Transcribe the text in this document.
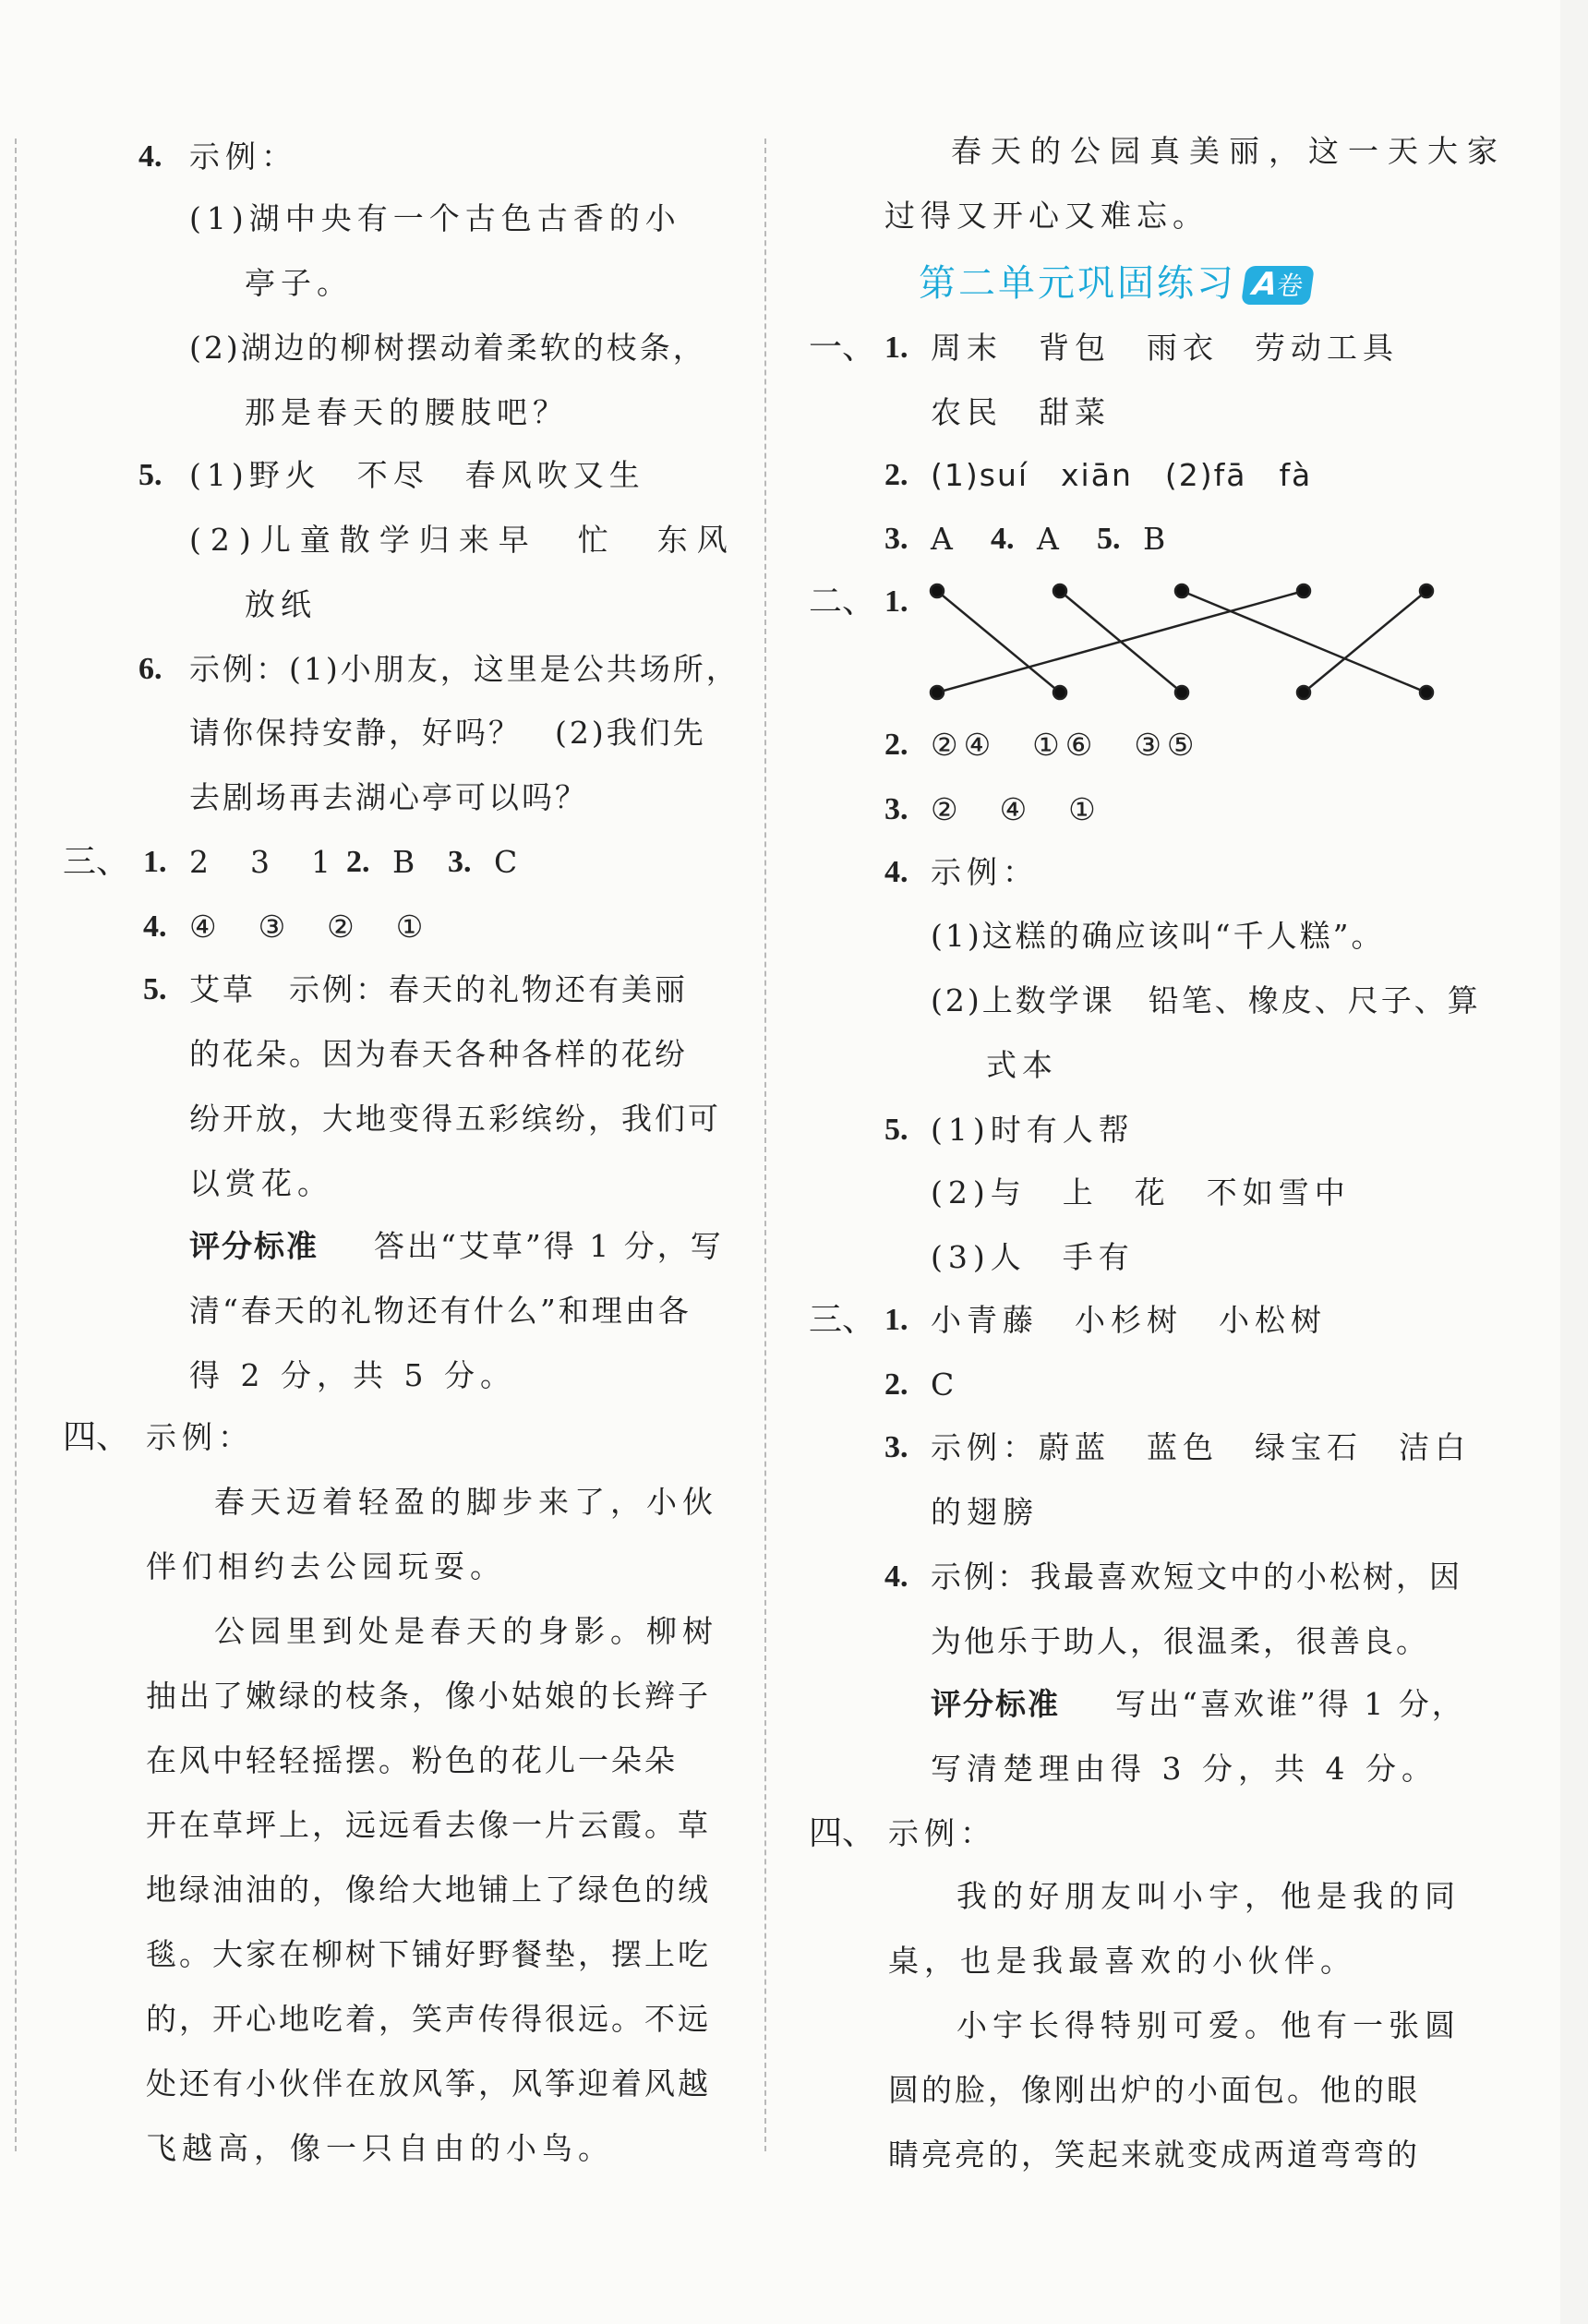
4. 示例：
(1)湖中央有一个古色古香的小
亭子。
(2)湖边的柳树摆动着柔软的枝条，
那是春天的腰肢吧？
5. (1)野火　不尽　春风吹又生
(2)儿童散学归来早　忙　东风
放纸
6. 示例：(1)小朋友，这里是公共场所，
请你保持安静，好吗？　(2)我们先
去剧场再去湖心亭可以吗？
三、 1. 2　3　1 2. B 3. C
4. ④　③　②　①
5. 艾草　示例：春天的礼物还有美丽
的花朵。因为春天各种各样的花纷
纷开放，大地变得五彩缤纷，我们可
以赏花。
评分标准 答出“艾草”得 1 分，写
清“春天的礼物还有什么”和理由各
得 2 分，共 5 分。
四、 示例：
春天迈着轻盈的脚步来了，小伙
伴们相约去公园玩耍。
公园里到处是春天的身影。柳树
抽出了嫩绿的枝条，像小姑娘的长辫子
在风中轻轻摇摆。粉色的花儿一朵朵
开在草坪上，远远看去像一片云霞。草
地绿油油的，像给大地铺上了绿色的绒
毯。大家在柳树下铺好野餐垫，摆上吃
的，开心地吃着，笑声传得很远。不远
处还有小伙伴在放风筝，风筝迎着风越
飞越高，像一只自由的小鸟。
春天的公园真美丽，这一天大家
过得又开心又难忘。
第二单元巩固练习 A卷
一、 1. 周末　背包　雨衣　劳动工具
农民　甜菜
2. (1)suí　xiān　(2)fā　fà
3. A 4. A 5. B
二、 1.
2. ②④　①⑥　③⑤
3. ②　④　①
4. 示例：
(1)这糕的确应该叫“千人糕”。
(2)上数学课　铅笔、橡皮、尺子、算
式本
5. (1)时有人帮
(2)与　上　花　不如雪中
(3)人　手有
三、 1. 小青藤　小杉树　小松树
2. C
3. 示例：蔚蓝　蓝色　绿宝石　洁白
的翅膀
4. 示例：我最喜欢短文中的小松树，因
为他乐于助人，很温柔，很善良。
评分标准 写出“喜欢谁”得 1 分，
写清楚理由得 3 分，共 4 分。
四、 示例：
我的好朋友叫小宇，他是我的同
桌，也是我最喜欢的小伙伴。
小宇长得特别可爱。他有一张圆
圆的脸，像刚出炉的小面包。他的眼
睛亮亮的，笑起来就变成两道弯弯的
